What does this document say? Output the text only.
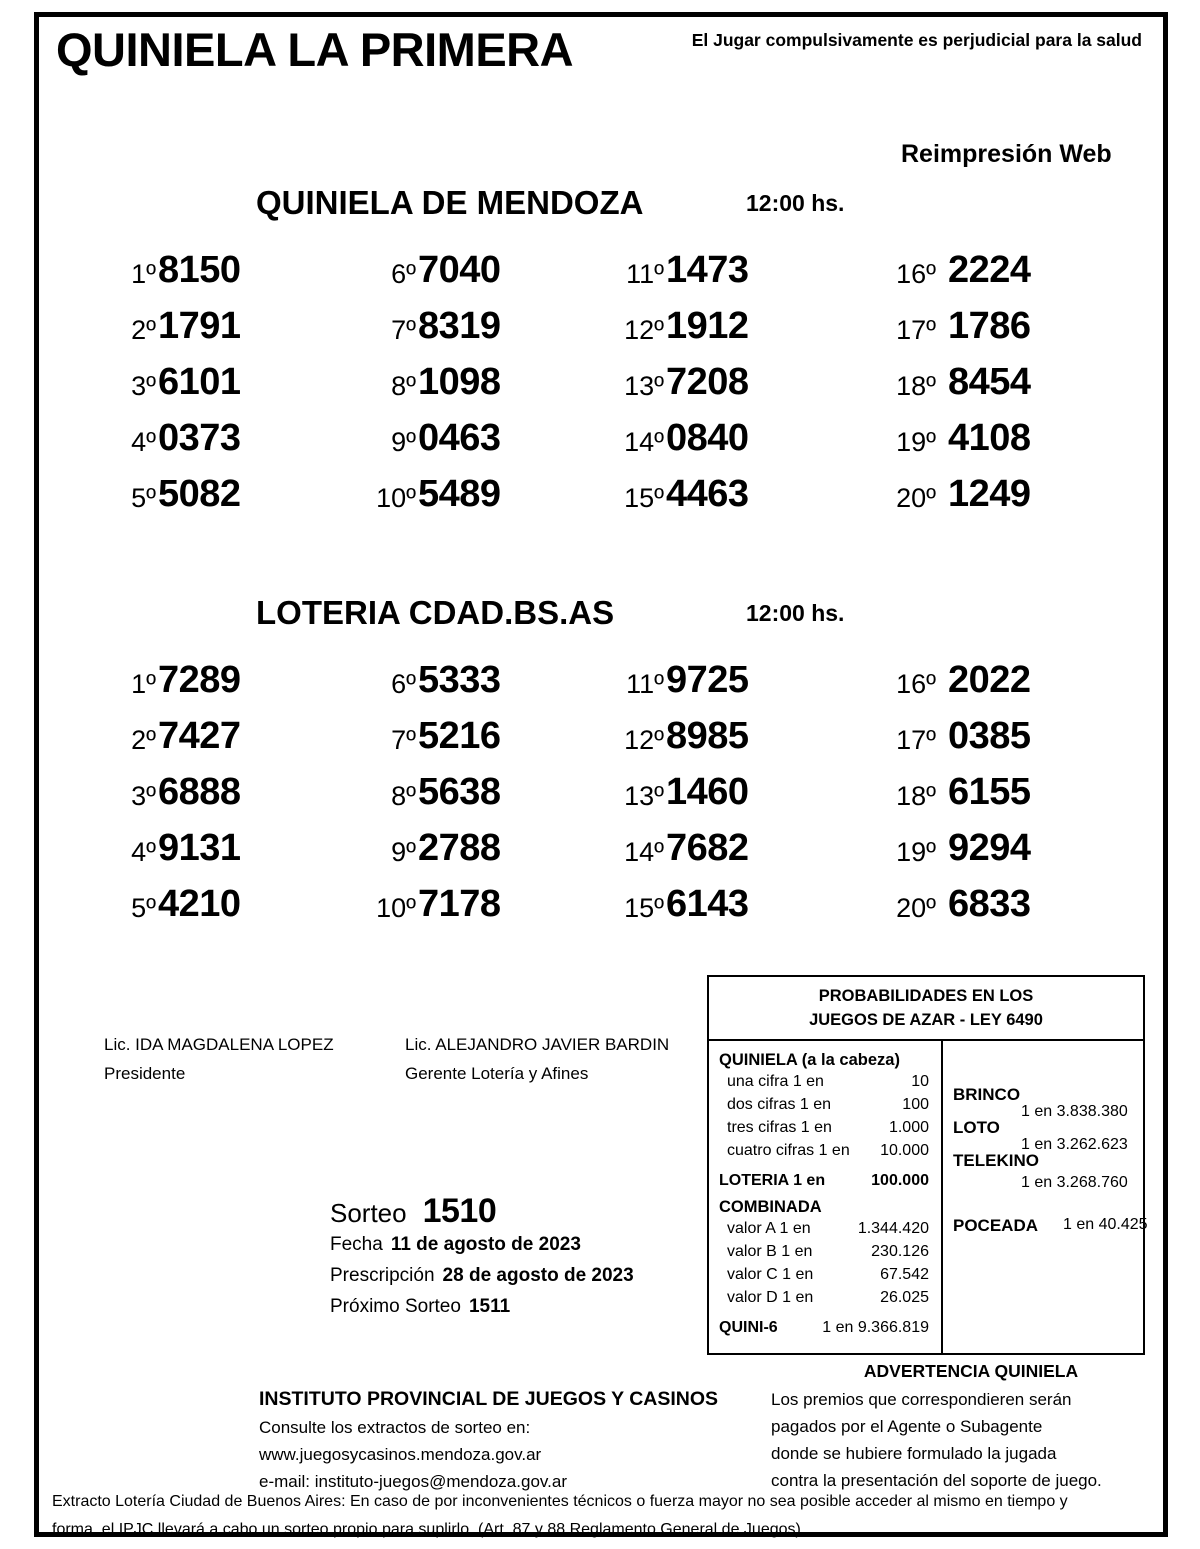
QUINIELA LA PRIMERA	El Jugar compulsivamente es perjudicial para la salud
Reimpresión Web
QUINIELA DE MENDOZA	12:00 hs.
1º 8150	6º 7040	11º 1473	16º 2224
2º 1791	7º 8319	12º 1912	17º 1786
3º 6101	8º 1098	13º 7208	18º 8454
4º 0373	9º 0463	14º 0840	19º 4108
5º 5082	10º 5489	15º 4463	20º 1249
LOTERIA CDAD.BS.AS	12:00 hs.
1º 7289	6º 5333	11º 9725	16º 2022
2º 7427	7º 5216	12º 8985	17º 0385
3º 6888	8º 5638	13º 1460	18º 6155
4º 9131	9º 2788	14º 7682	19º 9294
5º 4210	10º 7178	15º 6143	20º 6833
Lic. IDA MAGDALENA LOPEZ	Lic. ALEJANDRO JAVIER BARDIN
Presidente	Gerente Lotería y Afines
Sorteo 1510
Fecha 11 de agosto de 2023
Prescripción 28 de agosto de 2023
Próximo Sorteo 1511
PROBABILIDADES EN LOS
JUEGOS DE AZAR - LEY 6490
QUINIELA (a la cabeza)
una cifra 1 en	10
dos cifras 1 en	100
tres cifras 1 en	1.000
cuatro cifras 1 en 10.000
LOTERIA 1 en	100.000
COMBINADA
valor A 1 en	1.344.420
valor B 1 en	230.126
valor C 1 en	67.542
valor D 1 en	26.025
QUINI-6	1 en 9.366.819
BRINCO
1 en 3.838.380
LOTO
1 en 3.262.623
TELEKINO
1 en 3.268.760
POCEADA 1 en 40.425
INSTITUTO PROVINCIAL DE JUEGOS Y CASINOS
Consulte los extractos de sorteo en:
www.juegosycasinos.mendoza.gov.ar
e-mail: instituto-juegos@mendoza.gov.ar
ADVERTENCIA QUINIELA
Los premios que correspondieren serán
pagados por el Agente o Subagente
donde se hubiere formulado la jugada
contra la presentación del soporte de juego.
Extracto Lotería Ciudad de Buenos Aires: En caso de por inconvenientes técnicos o fuerza mayor no sea posible acceder al mismo en tiempo y
forma, el IPJC llevará a cabo un sorteo propio para suplirlo. (Art. 87 y 88 Reglamento General de Juegos)
